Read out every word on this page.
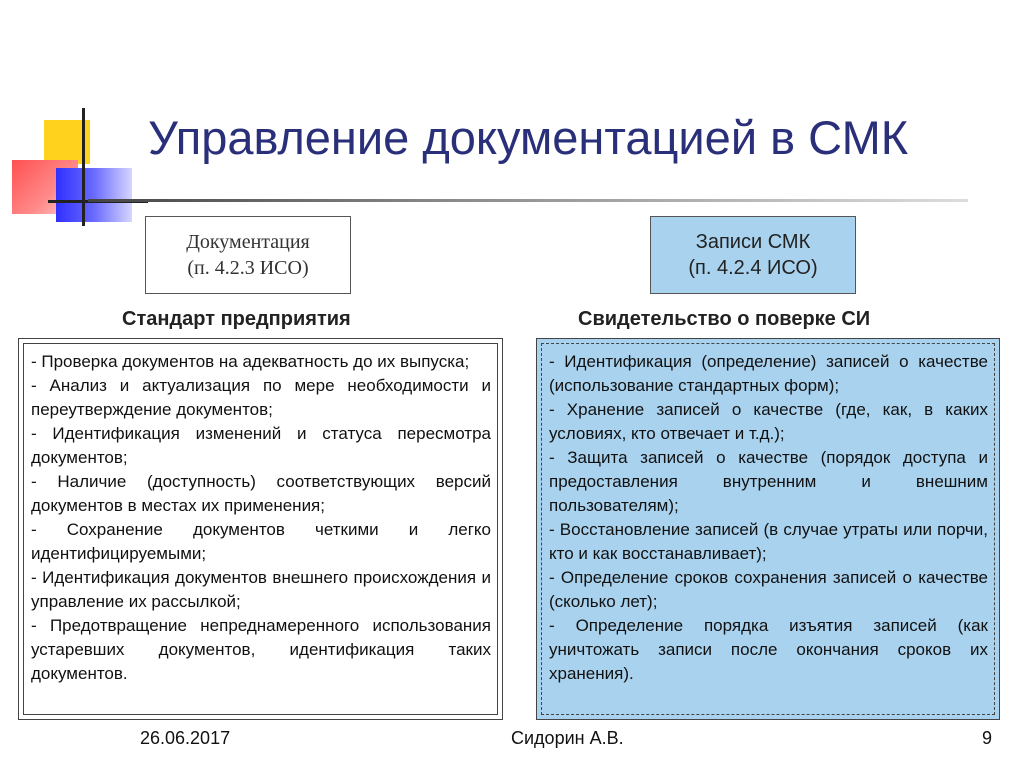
Управление документацией в СМК
Документация
(п. 4.2.3 ИСО)
Записи СМК
(п. 4.2.4 ИСО)
Стандарт предприятия	Свидетельство о поверке СИ
- Проверка документов на адекватность до их выпуска;
- Анализ и актуализация по мере необходимости и переутверждение документов;
- Идентификация изменений и статуса пересмотра документов;
- Наличие (доступность) соответствующих версий документов в местах их применения;
- Сохранение документов четкими и легко идентифицируемыми;
- Идентификация документов внешнего происхождения и управление их рассылкой;
- Предотвращение непреднамеренного использования устаревших документов, идентификация таких документов.
- Идентификация (определение) записей о качестве (использование стандартных форм);
- Хранение записей о качестве (где, как, в каких условиях, кто отвечает и т.д.);
- Защита записей о качестве (порядок доступа и предоставления внутренним и внешним пользователям);
- Восстановление записей (в случае утраты или порчи, кто и как восстанавливает);
- Определение сроков сохранения записей о качестве (сколько лет);
- Определение порядка изъятия записей (как уничтожать записи после окончания сроков их хранения).
26.06.2017	Сидорин А.В.	9
